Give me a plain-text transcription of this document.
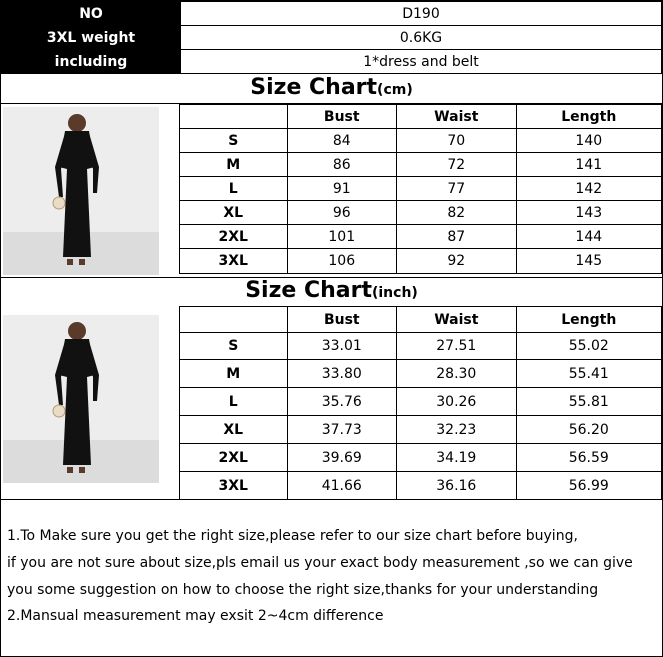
NO	D190
3XL weight	0.6KG
including	1*dress and belt
Size Chart(cm)
	Bust	Waist	Length
S	84	70	140
M	86	72	141
L	91	77	142
XL	96	82	143
2XL	101	87	144
3XL	106	92	145
Size Chart(inch)
	Bust	Waist	Length
S	33.01	27.51	55.02
M	33.80	28.30	55.41
L	35.76	30.26	55.81
XL	37.73	32.23	56.20
2XL	39.69	34.19	56.59
3XL	41.66	36.16	56.99

1.To Make sure you get the right size,please refer to our size chart before buying,

if you are not sure about size,pls email us your exact body measurement ,so we can give

you some suggestion on how to choose the right size,thanks for your understanding

2.Mansual measurement may exsit 2~4cm difference
